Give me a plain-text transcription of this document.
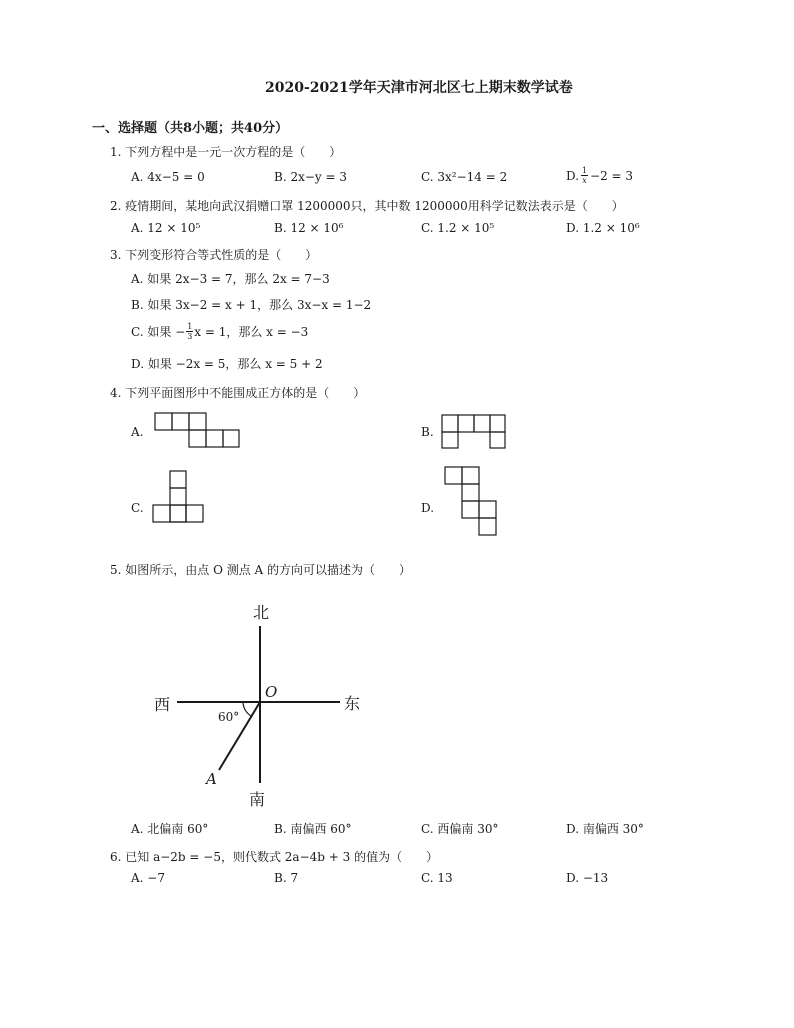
2020-2021学年天津市河北区七上期末数学试卷
一、选择题（共8小题；共40分）
1. 下列方程中是一元一次方程的是（　　）
A. 4x−5 = 0	B. 2x−y = 3	C. 3x²−14 = 2	D. 1
x −2 = 3
2. 疫情期间，某地向武汉捐赠口罩 1200000只，其中数 1200000用科学记数法表示是（　　）
A. 12 × 10⁵	B. 12 × 10⁶	C. 1.2 × 10⁵	D. 1.2 × 10⁶
3. 下列变形符合等式性质的是（　　）
A. 如果 2x−3 = 7，那么 2x = 7−3
B. 如果 3x−2 = x + 1，那么 3x−x = 1−2
C. 如果 − 1
3 x = 1，那么 x = −3
D. 如果 −2x = 5，那么 x = 5 + 2
4. 下列平面图形中不能围成正方体的是（　　）
A.	B.
C.	D.
5. 如图所示，由点 O 测点 A 的方向可以描述为（　　）
北
南
西	东
O
A
60°
A. 北偏南 60°	B. 南偏西 60°	C. 西偏南 30°	D. 南偏西 30°
6. 已知 a−2b = −5，则代数式 2a−4b + 3 的值为（　　）
A. −7	B. 7	C. 13	D. −13
